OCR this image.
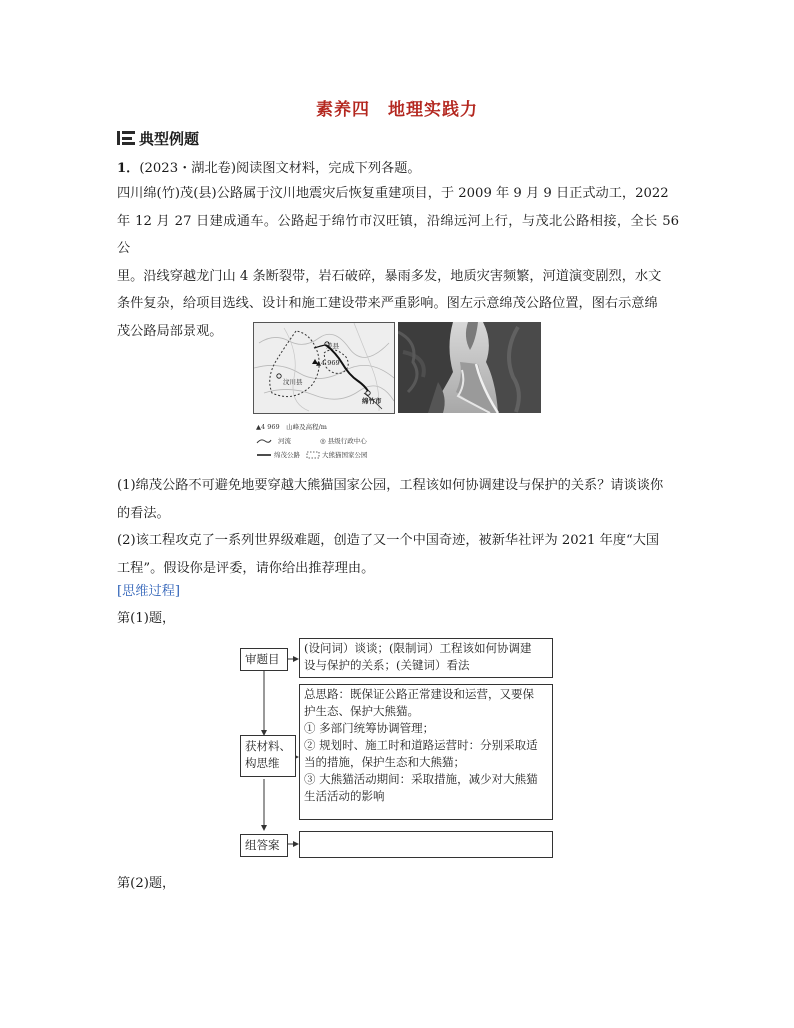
素养四　地理实践力
典型例题
1．(2023・湖北卷)阅读图文材料，完成下列各题。
四川绵(竹)茂(县)公路属于汶川地震灾后恢复重建项目，于 2009 年 9 月 9 日正式动工，2022
年 12 月 27 日建成通车。公路起于绵竹市汉旺镇，沿绵远河上行，与茂北公路相接，全长 56 公
里。沿线穿越龙门山 4 条断裂带，岩石破碎，暴雨多发，地质灾害频繁，河道演变剧烈，水文
条件复杂，给项目选线、设计和施工建设带来严重影响。图左示意绵茂公路位置，图右示意绵
茂公路局部景观。
茂县
▲4 969
汶川县
绵竹市
▲4 969　山峰及高程/m
河流	◎ 县级行政中心
绵茂公路	大熊猫国家公园
(1)绵茂公路不可避免地要穿越大熊猫国家公园，工程该如何协调建设与保护的关系？请谈谈你
的看法。
(2)该工程攻克了一系列世界级难题，创造了又一个中国奇迹，被新华社评为 2021 年度“大国
工程”。假设你是评委，请你给出推荐理由。
[思维过程]
第(1)题，
审题目
(设问词）谈谈；(限制词）工程该如何协调建
设与保护的关系；(关键词）看法
获材料、
构思维
总思路：既保证公路正常建设和运营，又要保
护生态、保护大熊猫。
① 多部门统筹协调管理；
② 规划时、施工时和道路运营时：分别采取适
当的措施，保护生态和大熊猫；
③ 大熊猫活动期间：采取措施，减少对大熊猫
生活活动的影响
组答案
第(2)题，
